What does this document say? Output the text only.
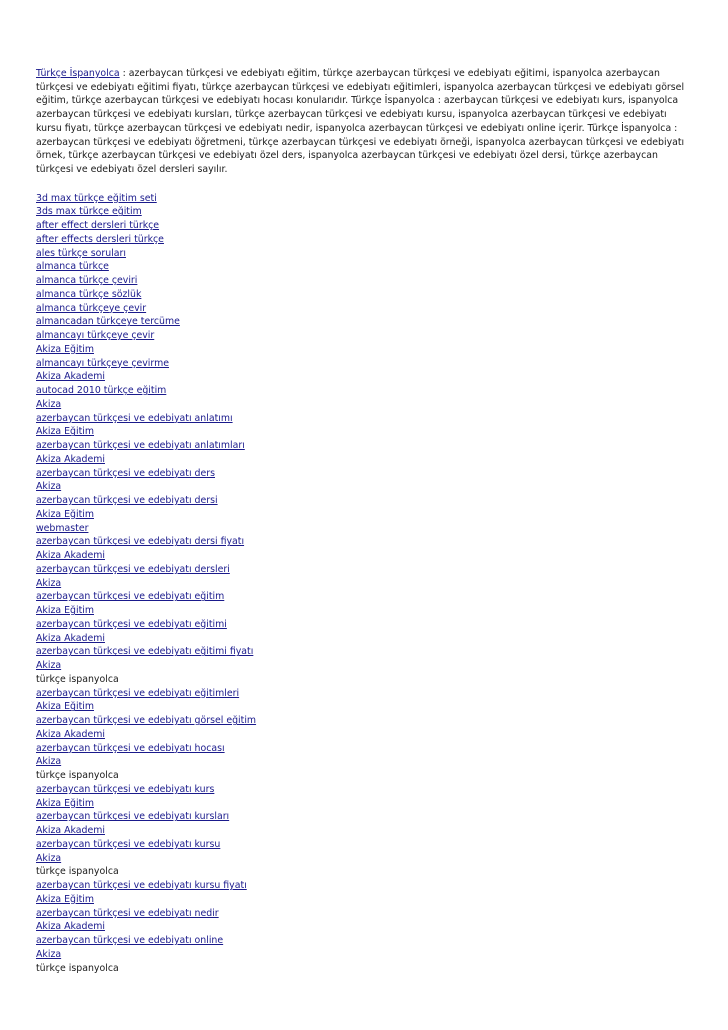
Türkçe İspanyolca : azerbaycan türkçesi ve edebiyatı eğitim, türkçe azerbaycan türkçesi ve edebiyatı eğitimi, ispanyolca azerbaycan türkçesi ve edebiyatı eğitimi fiyatı, türkçe azerbaycan türkçesi ve edebiyatı eğitimleri, ispanyolca azerbaycan türkçesi ve edebiyatı görsel eğitim, türkçe azerbaycan türkçesi ve edebiyatı hocası konularıdır. Türkçe İspanyolca : azerbaycan türkçesi ve edebiyatı kurs, ispanyolca azerbaycan türkçesi ve edebiyatı kursları, türkçe azerbaycan türkçesi ve edebiyatı kursu, ispanyolca azerbaycan türkçesi ve edebiyatı kursu fiyatı, türkçe azerbaycan türkçesi ve edebiyatı nedir, ispanyolca azerbaycan türkçesi ve edebiyatı online içerir. Türkçe İspanyolca : azerbaycan türkçesi ve edebiyatı öğretmeni, türkçe azerbaycan türkçesi ve edebiyatı örneği, ispanyolca azerbaycan türkçesi ve edebiyatı örnek, türkçe azerbaycan türkçesi ve edebiyatı özel ders, ispanyolca azerbaycan türkçesi ve edebiyatı özel dersi, türkçe azerbaycan türkçesi ve edebiyatı özel dersleri sayılır.

3d max türkçe eğitim seti
3ds max türkçe eğitim
after effect dersleri türkçe
after effects dersleri türkçe
ales türkçe soruları
almanca türkçe
almanca türkçe çeviri
almanca türkçe sözlük
almanca türkçeye çevir
almancadan türkçeye tercüme
almancayı türkçeye çevir
Akiza Eğitim
almancayı türkçeye çevirme
Akiza Akademi
autocad 2010 türkçe eğitim
Akiza
azerbaycan türkçesi ve edebiyatı anlatımı
Akiza Eğitim
azerbaycan türkçesi ve edebiyatı anlatımları
Akiza Akademi
azerbaycan türkçesi ve edebiyatı ders
Akiza
azerbaycan türkçesi ve edebiyatı dersi
Akiza Eğitim
webmaster
azerbaycan türkçesi ve edebiyatı dersi fiyatı
Akiza Akademi
azerbaycan türkçesi ve edebiyatı dersleri
Akiza
azerbaycan türkçesi ve edebiyatı eğitim
Akiza Eğitim
azerbaycan türkçesi ve edebiyatı eğitimi
Akiza Akademi
azerbaycan türkçesi ve edebiyatı eğitimi fiyatı
Akiza
türkçe ispanyolca
azerbaycan türkçesi ve edebiyatı eğitimleri
Akiza Eğitim
azerbaycan türkçesi ve edebiyatı görsel eğitim
Akiza Akademi
azerbaycan türkçesi ve edebiyatı hocası
Akiza
türkçe ispanyolca
azerbaycan türkçesi ve edebiyatı kurs
Akiza Eğitim
azerbaycan türkçesi ve edebiyatı kursları
Akiza Akademi
azerbaycan türkçesi ve edebiyatı kursu
Akiza
türkçe ispanyolca
azerbaycan türkçesi ve edebiyatı kursu fiyatı
Akiza Eğitim
azerbaycan türkçesi ve edebiyatı nedir
Akiza Akademi
azerbaycan türkçesi ve edebiyatı online
Akiza
türkçe ispanyolca
